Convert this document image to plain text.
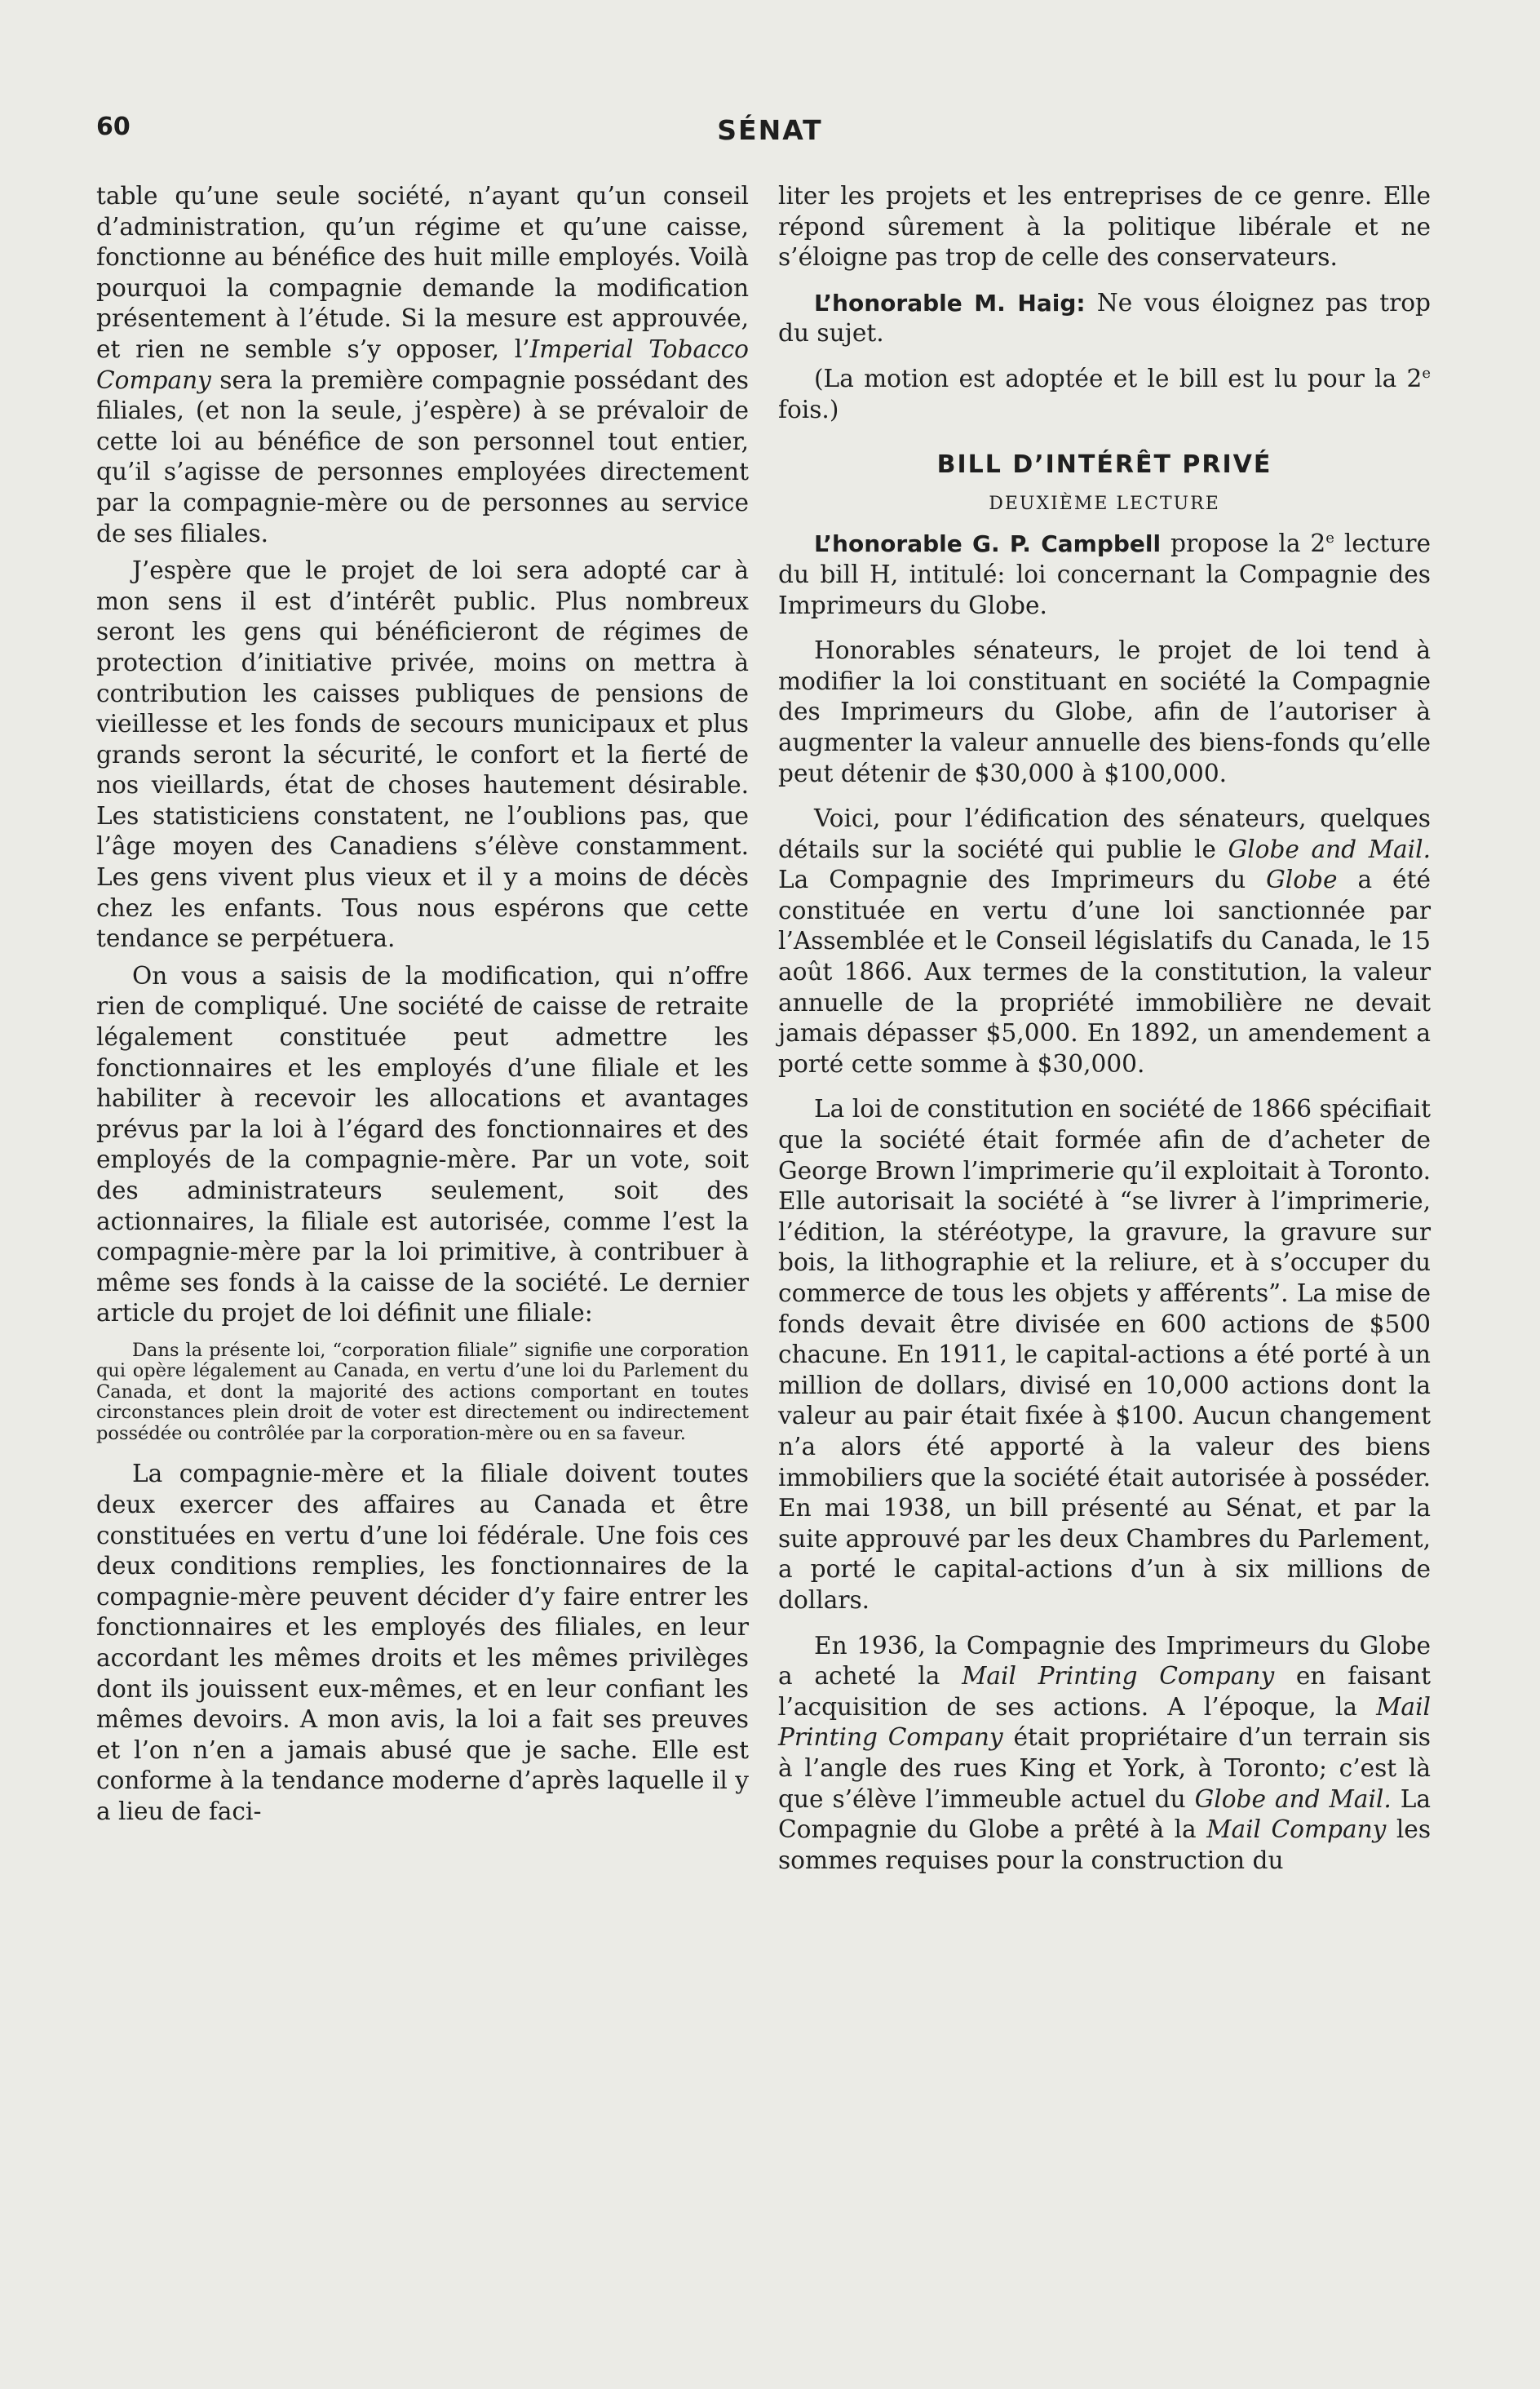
60	SÉNAT

table qu’une seule société, n’ayant qu’un conseil d’administration, qu’un régime et qu’une caisse, fonctionne au bénéfice des huit mille employés. Voilà pourquoi la compagnie demande la modification présentement à l’étude. Si la mesure est approuvée, et rien ne semble s’y opposer, l’Imperial Tobacco Company sera la première compagnie possédant des filiales, (et non la seule, j’espère) à se prévaloir de cette loi au bénéfice de son personnel tout entier, qu’il s’agisse de personnes employées directement par la compagnie-mère ou de personnes au service de ses filiales.

J’espère que le projet de loi sera adopté car à mon sens il est d’intérêt public. Plus nombreux seront les gens qui bénéficieront de régimes de protection d’initiative privée, moins on mettra à contribution les caisses publiques de pensions de vieillesse et les fonds de secours municipaux et plus grands seront la sécurité, le confort et la fierté de nos vieillards, état de choses hautement désirable. Les statisticiens constatent, ne l’oublions pas, que l’âge moyen des Canadiens s’élève constamment. Les gens vivent plus vieux et il y a moins de décès chez les enfants. Tous nous espérons que cette tendance se perpétuera.

On vous a saisis de la modification, qui n’offre rien de compliqué. Une société de caisse de retraite légalement constituée peut admettre les fonctionnaires et les employés d’une filiale et les habiliter à recevoir les allocations et avantages prévus par la loi à l’égard des fonctionnaires et des employés de la compagnie-mère. Par un vote, soit des administrateurs seulement, soit des actionnaires, la filiale est autorisée, comme l’est la compagnie-mère par la loi primitive, à contribuer à même ses fonds à la caisse de la société. Le dernier article du projet de loi définit une filiale:

Dans la présente loi, “corporation filiale” signifie une corporation qui opère légalement au Canada, en vertu d’une loi du Parlement du Canada, et dont la majorité des actions comportant en toutes circonstances plein droit de voter est directement ou indirectement possédée ou contrôlée par la corporation-mère ou en sa faveur.

La compagnie-mère et la filiale doivent toutes deux exercer des affaires au Canada et être constituées en vertu d’une loi fédérale. Une fois ces deux conditions remplies, les fonctionnaires de la compagnie-mère peuvent décider d’y faire entrer les fonctionnaires et les employés des filiales, en leur accordant les mêmes droits et les mêmes privilèges dont ils jouissent eux-mêmes, et en leur confiant les mêmes devoirs. A mon avis, la loi a fait ses preuves et l’on n’en a jamais abusé que je sache. Elle est conforme à la tendance moderne d’après laquelle il y a lieu de faci-

liter les projets et les entreprises de ce genre. Elle répond sûrement à la politique libérale et ne s’éloigne pas trop de celle des conservateurs.

L’honorable M. Haig: Ne vous éloignez pas trop du sujet.

(La motion est adoptée et le bill est lu pour la 2e fois.)

BILL D’INTÉRÊT PRIVÉ
DEUXIÈME LECTURE

L’honorable G. P. Campbell propose la 2e lecture du bill H, intitulé: loi concernant la Compagnie des Imprimeurs du Globe.

Honorables sénateurs, le projet de loi tend à modifier la loi constituant en société la Compagnie des Imprimeurs du Globe, afin de l’autoriser à augmenter la valeur annuelle des biens-fonds qu’elle peut détenir de $30,000 à $100,000.

Voici, pour l’édification des sénateurs, quelques détails sur la société qui publie le Globe and Mail. La Compagnie des Imprimeurs du Globe a été constituée en vertu d’une loi sanctionnée par l’Assemblée et le Conseil législatifs du Canada, le 15 août 1866. Aux termes de la constitution, la valeur annuelle de la propriété immobilière ne devait jamais dépasser $5,000. En 1892, un amendement a porté cette somme à $30,000.

La loi de constitution en société de 1866 spécifiait que la société était formée afin de d’acheter de George Brown l’imprimerie qu’il exploitait à Toronto. Elle autorisait la société à “se livrer à l’imprimerie, l’édition, la stéréotype, la gravure, la gravure sur bois, la lithographie et la reliure, et à s’occuper du commerce de tous les objets y afférents”. La mise de fonds devait être divisée en 600 actions de $500 chacune. En 1911, le capital-actions a été porté à un million de dollars, divisé en 10,000 actions dont la valeur au pair était fixée à $100. Aucun changement n’a alors été apporté à la valeur des biens immobiliers que la société était autorisée à posséder. En mai 1938, un bill présenté au Sénat, et par la suite approuvé par les deux Chambres du Parlement, a porté le capital-actions d’un à six millions de dollars.

En 1936, la Compagnie des Imprimeurs du Globe a acheté la Mail Printing Company en faisant l’acquisition de ses actions. A l’époque, la Mail Printing Company était propriétaire d’un terrain sis à l’angle des rues King et York, à Toronto; c’est là que s’élève l’immeuble actuel du Globe and Mail. La Compagnie du Globe a prêté à la Mail Company les sommes requises pour la construction du
